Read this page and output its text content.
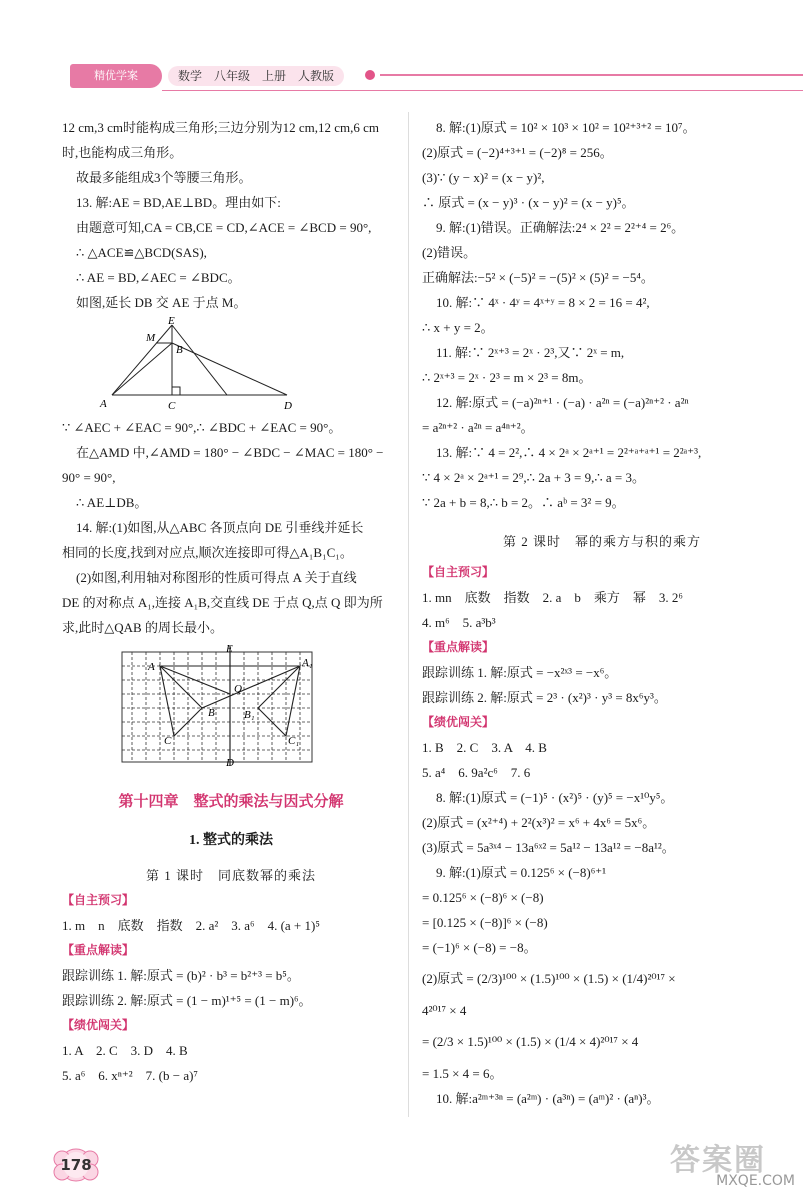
精优学案	数学　八年级　上册　人教版
12 cm,3 cm时能构成三角形;三边分别为12 cm,12 cm,6 cm
时,也能构成三角形。
故最多能组成3个等腰三角形。
13. 解:AE = BD,AE⊥BD。理由如下:
由题意可知,CA = CB,CE = CD,∠ACE = ∠BCD = 90°,
∴ △ACE≌△BCD(SAS),
∴ AE = BD,∠AEC = ∠BDC。
如图,延长 DB 交 AE 于点 M。
E
M
B
A	C	D
∵ ∠AEC + ∠EAC = 90°,∴ ∠BDC + ∠EAC = 90°。
在△AMD 中,∠AMD = 180° − ∠BDC − ∠MAC = 180° −
90° = 90°,
∴ AE⊥DB。
14. 解:(1)如图,从△ABC 各顶点向 DE 引垂线并延长
相同的长度,找到对应点,顺次连接即可得△A₁B₁C₁。
(2)如图,利用轴对称图形的性质可得点 A 关于直线
DE 的对称点 A₁,连接 A₁B,交直线 DE 于点 Q,点 Q 即为所
求,此时△QAB 的周长最小。
E
A	A₁
Q
B	B₁
C	C₁
D
第十四章　整式的乘法与因式分解
1. 整式的乘法
第 1 课时　同底数幂的乘法
【自主预习】
1. m　n　底数　指数　2. a²　3. a⁶　4. (a + 1)⁵
【重点解读】
跟踪训练 1. 解:原式 = (b)² · b³ = b²⁺³ = b⁵。
跟踪训练 2. 解:原式 = (1 − m)¹⁺⁵ = (1 − m)⁶。
【绩优闯关】
1. A　2. C　3. D　4. B
5. a⁶　6. xⁿ⁺²　7. (b − a)⁷
8. 解:(1)原式 = 10² × 10³ × 10² = 10²⁺³⁺² = 10⁷。
(2)原式 = (−2)⁴⁺³⁺¹ = (−2)⁸ = 256。
(3)∵ (y − x)² = (x − y)²,
∴ 原式 = (x − y)³ · (x − y)² = (x − y)⁵。
9. 解:(1)错误。正确解法:2⁴ × 2² = 2²⁺⁴ = 2⁶。
(2)错误。
正确解法:−5² × (−5)² = −(5)² × (5)² = −5⁴。
10. 解:∵ 4ˣ · 4ʸ = 4ˣ⁺ʸ = 8 × 2 = 16 = 4²,
∴ x + y = 2。
11. 解:∵ 2ˣ⁺³ = 2ˣ · 2³,又∵ 2ˣ = m,
∴ 2ˣ⁺³ = 2ˣ · 2³ = m × 2³ = 8m。
12. 解:原式 = (−a)²ⁿ⁺¹ · (−a) · a²ⁿ = (−a)²ⁿ⁺² · a²ⁿ
= a²ⁿ⁺² · a²ⁿ = a⁴ⁿ⁺²。
13. 解:∵ 4 = 2²,∴ 4 × 2ᵃ × 2ᵃ⁺¹ = 2²⁺ᵃ⁺ᵃ⁺¹ = 2²ᵃ⁺³,
∵ 4 × 2ᵃ × 2ᵃ⁺¹ = 2⁹,∴ 2a + 3 = 9,∴ a = 3。
∵ 2a + b = 8,∴ b = 2。∴ aᵇ = 3² = 9。
第 2 课时　幂的乘方与积的乘方
【自主预习】
1. mn　底数　指数　2. a　b　乘方　幂　3. 2⁶
4. m⁶　5. a³b³
【重点解读】
跟踪训练 1. 解:原式 = −x²ˣ³ = −x⁶。
跟踪训练 2. 解:原式 = 2³ · (x²)³ · y³ = 8x⁶y³。
【绩优闯关】
1. B　2. C　3. A　4. B
5. a⁴　6. 9a²c⁶　7. 6
8. 解:(1)原式 = (−1)⁵ · (x²)⁵ · (y)⁵ = −x¹⁰y⁵。
(2)原式 = (x²⁺⁴) + 2²(x³)² = x⁶ + 4x⁶ = 5x⁶。
(3)原式 = 5a³ˣ⁴ − 13a⁶ˣ² = 5a¹² − 13a¹² = −8a¹²。
9. 解:(1)原式 = 0.125⁶ × (−8)⁶⁺¹
= 0.125⁶ × (−8)⁶ × (−8)
= [0.125 × (−8)]⁶ × (−8)
= (−1)⁶ × (−8) = −8。
(2)原式 = (2/3)¹⁰⁰ × (1.5)¹⁰⁰ × (1.5) × (1/4)²⁰¹⁷ ×
4²⁰¹⁷ × 4
= (2/3 × 1.5)¹⁰⁰ × (1.5) × (1/4 × 4)²⁰¹⁷ × 4
= 1.5 × 4 = 6。
10. 解:a²ᵐ⁺³ⁿ = (a²ᵐ) · (a³ⁿ) = (aᵐ)² · (aⁿ)³。
178	答案圈
MXQE.COM
